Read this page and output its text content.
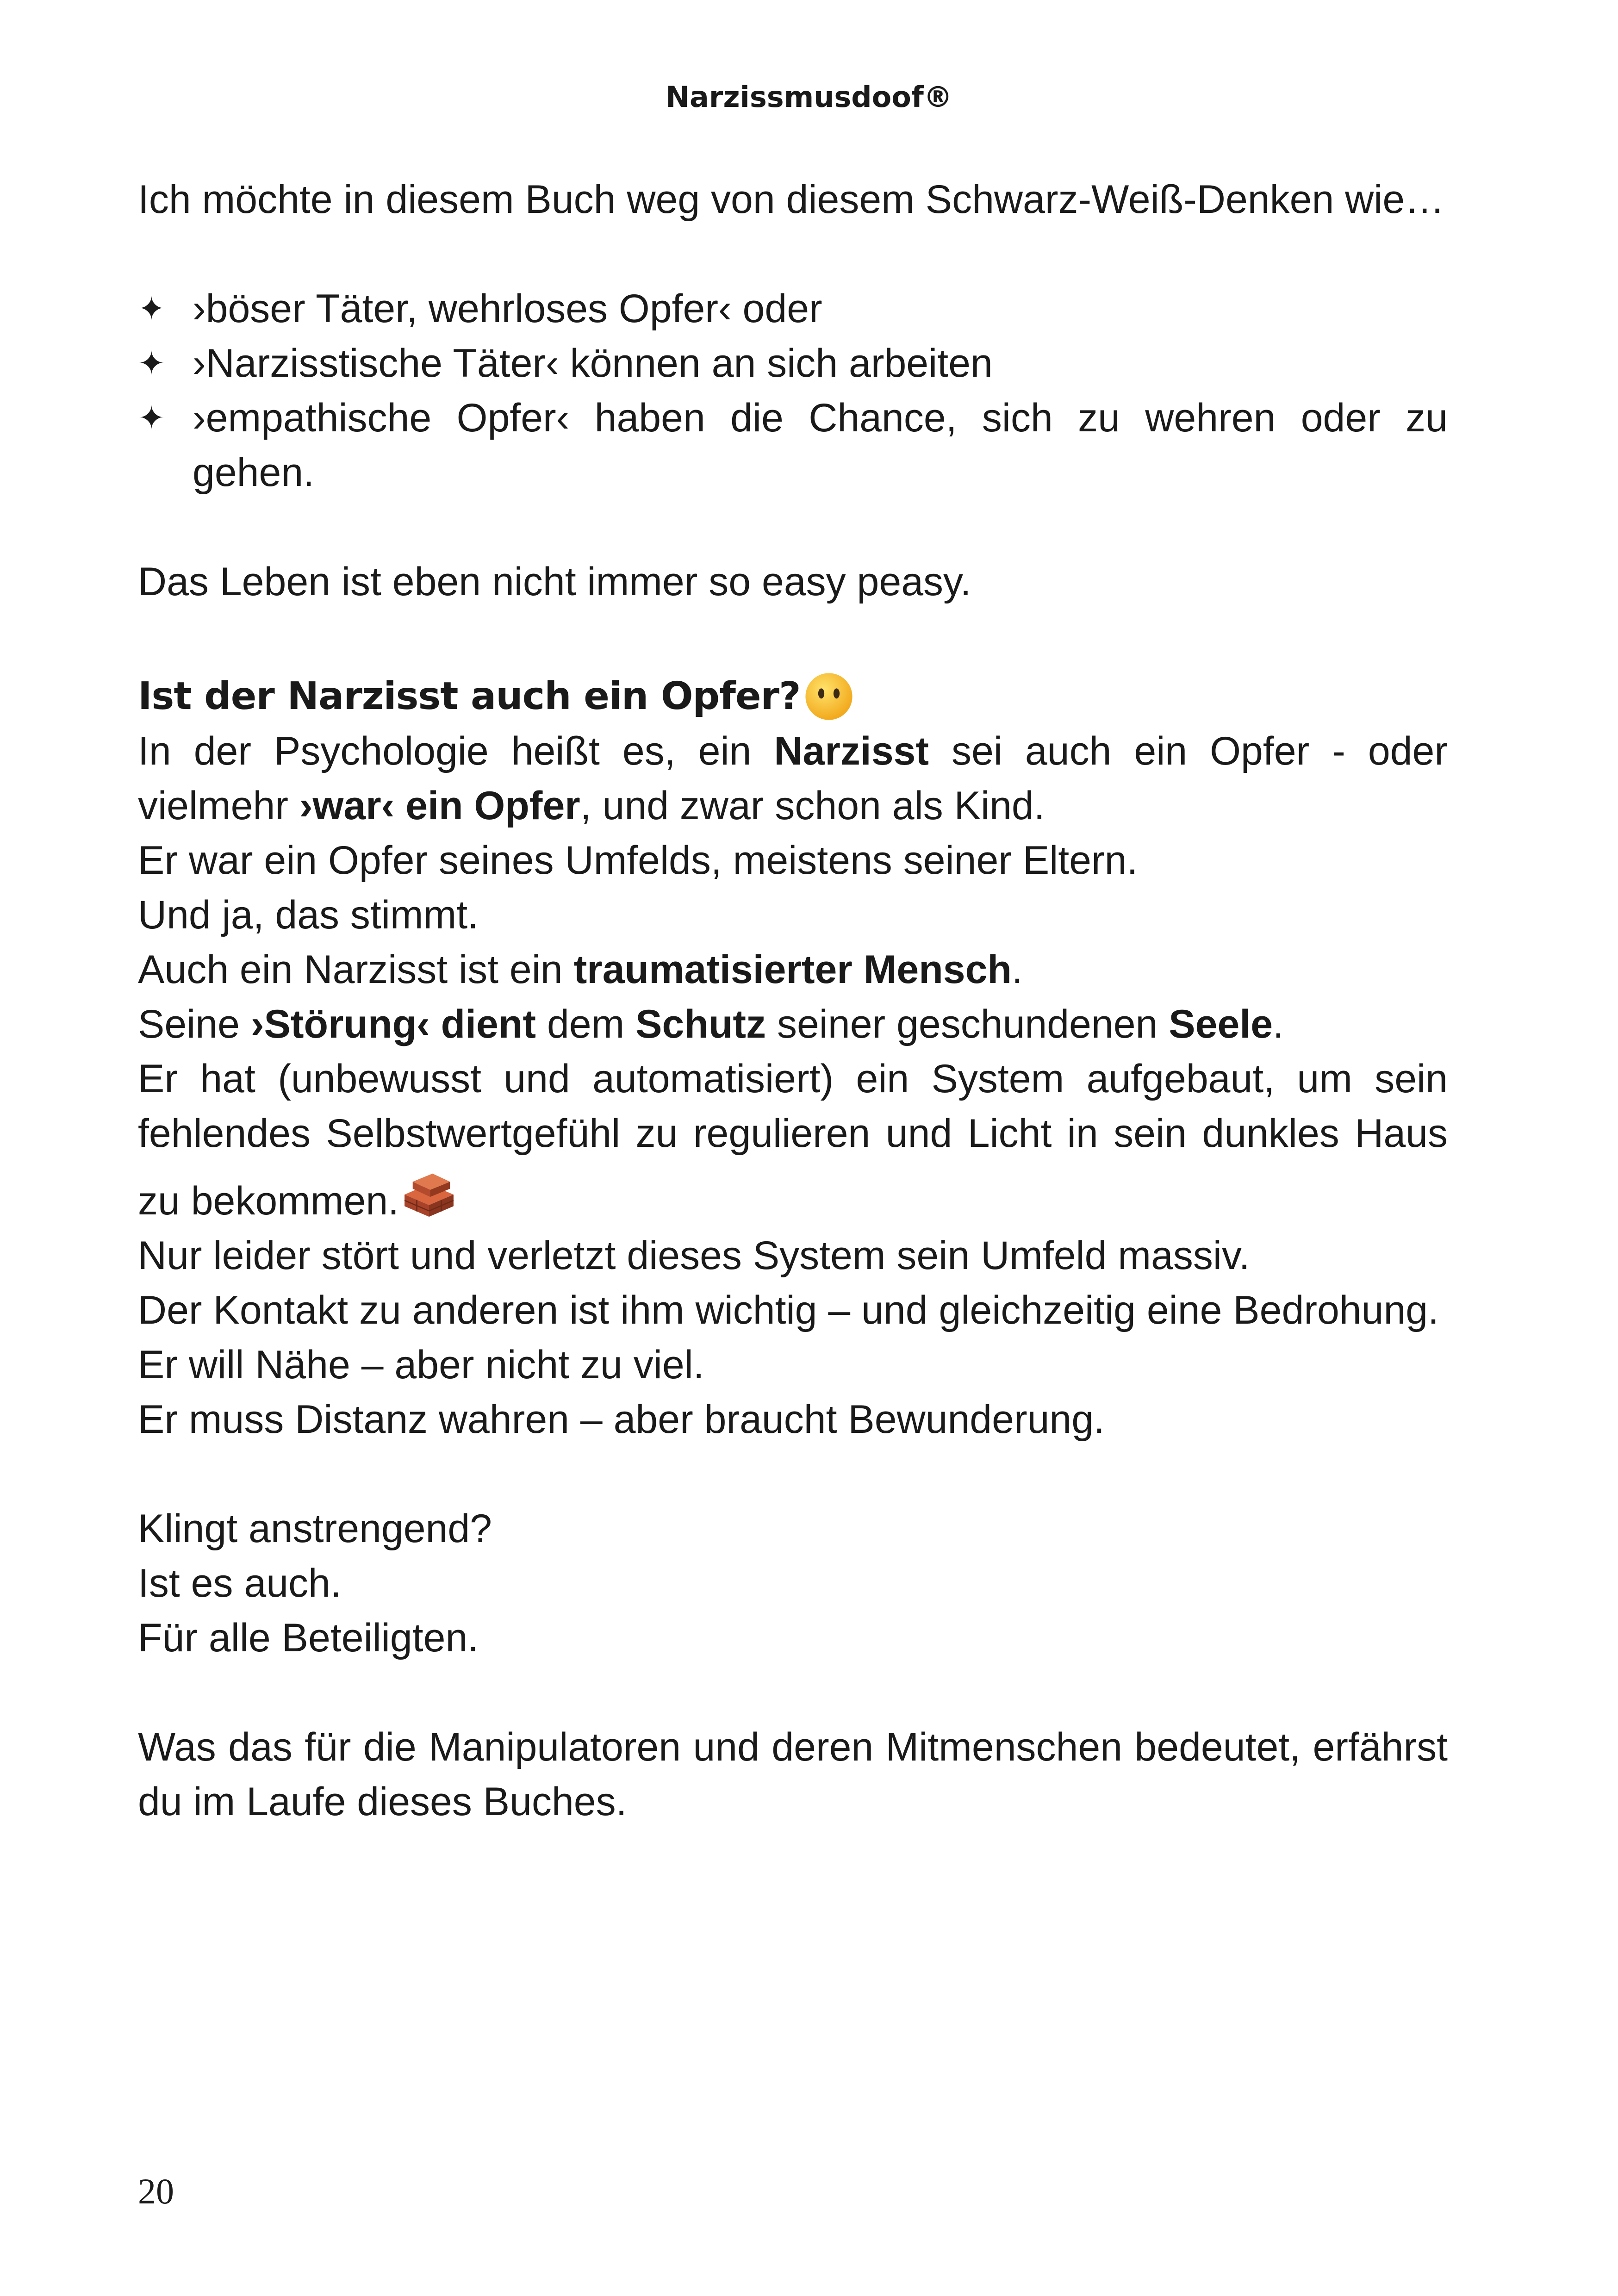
Narzissmusdoof®

Ich möchte in diesem Buch weg von diesem Schwarz-Weiß-Denken wie…

✦ ›böser Täter, wehrloses Opfer‹ oder
✦ ›Narzisstische Täter‹ können an sich arbeiten
✦ ›empathische Opfer‹ haben die Chance, sich zu wehren oder zu gehen.

Das Leben ist eben nicht immer so easy peasy.

Ist der Narzisst auch ein Opfer?

In der Psychologie heißt es, ein Narzisst sei auch ein Opfer - oder vielmehr ›war‹ ein Opfer, und zwar schon als Kind.

Er war ein Opfer seines Umfelds, meistens seiner Eltern.

Und ja, das stimmt.

Auch ein Narzisst ist ein traumatisierter Mensch.

Seine ›Störung‹ dient dem Schutz seiner geschundenen Seele.

Er hat (unbewusst und automatisiert) ein System aufgebaut, um sein fehlendes Selbstwertgefühl zu regulieren und Licht in sein dunkles Haus zu bekommen.

Nur leider stört und verletzt dieses System sein Umfeld massiv.

Der Kontakt zu anderen ist ihm wichtig – und gleichzeitig eine Bedrohung.

Er will Nähe – aber nicht zu viel.

Er muss Distanz wahren – aber braucht Bewunderung.

Klingt anstrengend?

Ist es auch.

Für alle Beteiligten.

Was das für die Manipulatoren und deren Mitmenschen bedeutet, erfährst du im Laufe dieses Buches.

20
